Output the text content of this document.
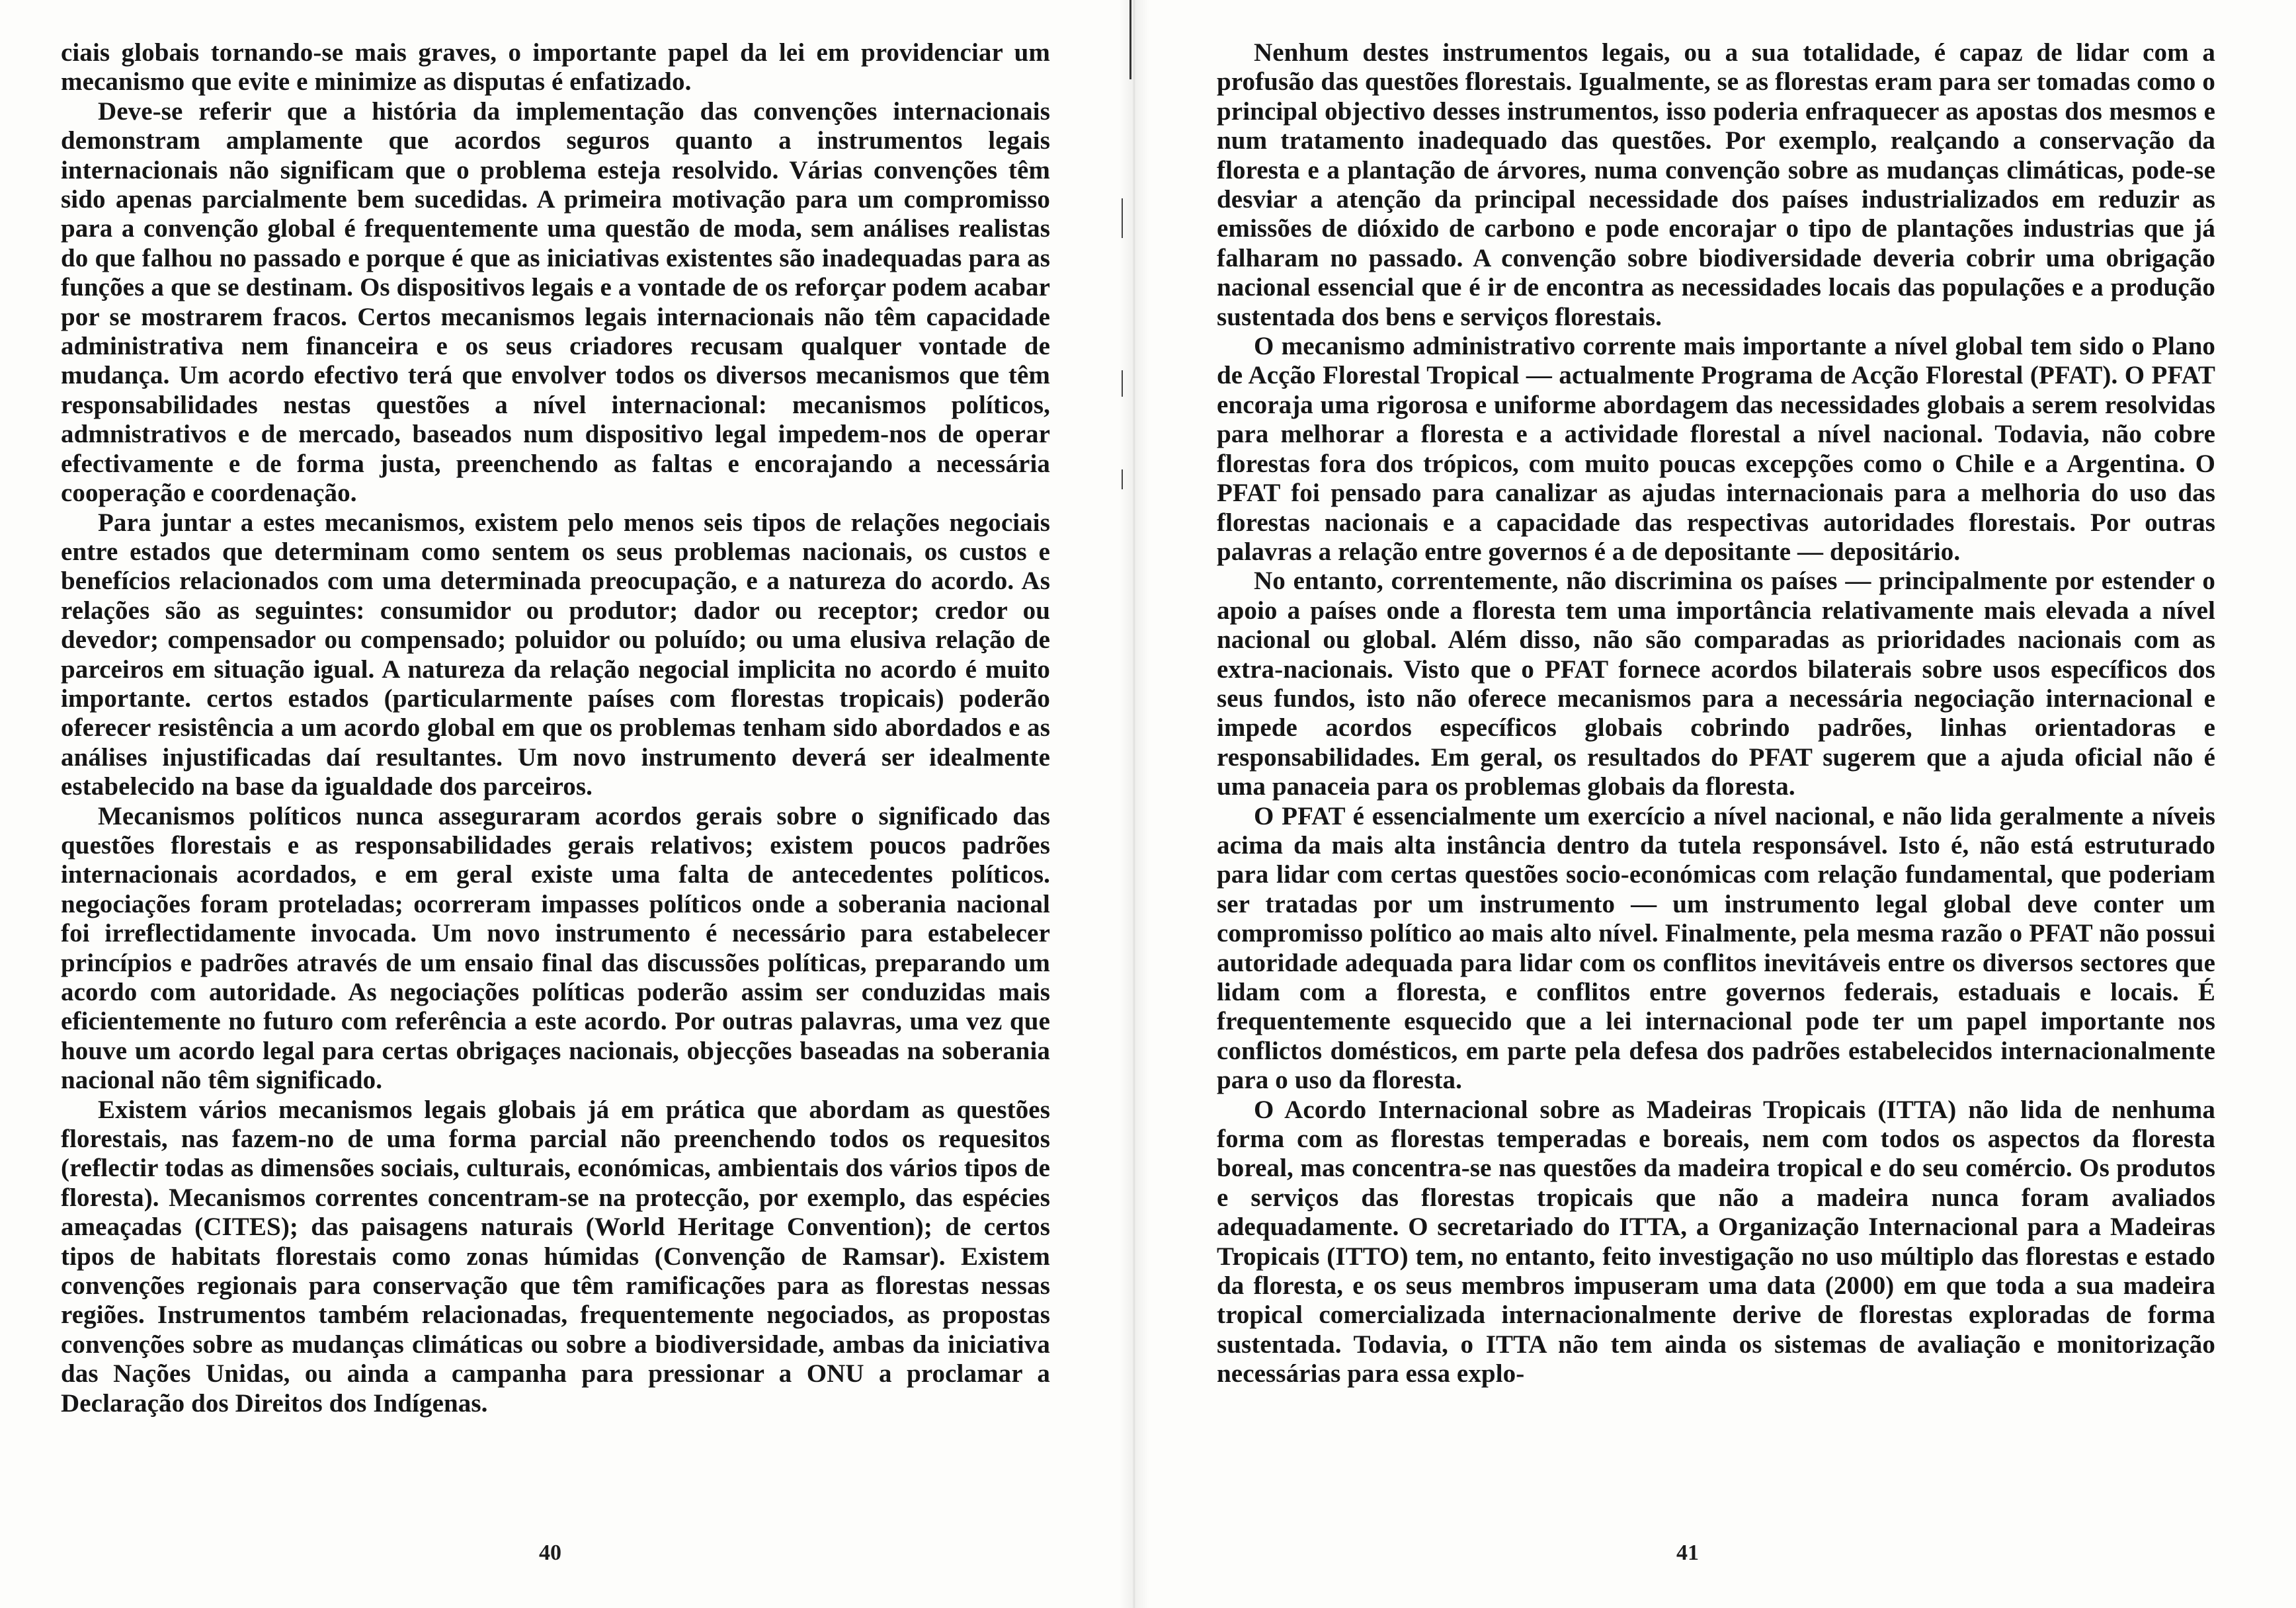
ciais globais tornando-se mais graves, o importante papel da lei em providenciar um mecanismo que evite e minimize as disputas é enfatizado.

Deve-se referir que a história da implementação das convenções internacionais demonstram amplamente que acordos seguros quanto a instrumentos legais internacionais não significam que o problema esteja resolvido. Várias convenções têm sido apenas parcialmente bem sucedidas. A primeira motivação para um compromisso para a convenção global é frequentemente uma questão de moda, sem análises realistas do que falhou no passado e porque é que as iniciativas existentes são inadequadas para as funções a que se destinam. Os dispositivos legais e a vontade de os reforçar podem acabar por se mostrarem fracos. Certos mecanismos legais internacionais não têm capacidade administrativa nem financeira e os seus criadores recusam qualquer vontade de mudança. Um acordo efectivo terá que envolver todos os diversos mecanismos que têm responsabilidades nestas questões a nível internacional: mecanismos políticos, admnistrativos e de mercado, baseados num dispositivo legal impedem-nos de operar efectivamente e de forma justa, preenchendo as faltas e encorajando a necessária cooperação e coordenação.

Para juntar a estes mecanismos, existem pelo menos seis tipos de relações negociais entre estados que determinam como sentem os seus problemas nacionais, os custos e benefícios relacionados com uma determinada preocupação, e a natureza do acordo. As relações são as seguintes: consumidor ou produtor; dador ou receptor; credor ou devedor; compensador ou compensado; poluidor ou poluído; ou uma elusiva relação de parceiros em situação igual. A natureza da relação negocial implicita no acordo é muito importante. certos estados (particularmente países com florestas tropicais) poderão oferecer resistência a um acordo global em que os problemas tenham sido abordados e as análises injustificadas daí resultantes. Um novo instrumento deverá ser idealmente estabelecido na base da igualdade dos parceiros.

Mecanismos políticos nunca asseguraram acordos gerais sobre o significado das questões florestais e as responsabilidades gerais relativos; existem poucos padrões internacionais acordados, e em geral existe uma falta de antecedentes políticos. negociações foram proteladas; ocorreram impasses políticos onde a soberania nacional foi irreflectidamente invocada. Um novo instrumento é necessário para estabelecer princípios e padrões através de um ensaio final das discussões políticas, preparando um acordo com autoridade. As negociações políticas poderão assim ser conduzidas mais eficientemente no futuro com referência a este acordo. Por outras palavras, uma vez que houve um acordo legal para certas obrigaçes nacionais, objecções baseadas na soberania nacional não têm significado.

Existem vários mecanismos legais globais já em prática que abordam as questões florestais, nas fazem-no de uma forma parcial não preenchendo todos os requesitos (reflectir todas as dimensões sociais, culturais, económicas, ambientais dos vários tipos de floresta). Mecanismos correntes concentram-se na protecção, por exemplo, das espécies ameaçadas (CITES); das paisagens naturais (World Heritage Convention); de certos tipos de habitats florestais como zonas húmidas (Convenção de Ramsar). Existem convenções regionais para conservação que têm ramificações para as florestas nessas regiões. Instrumentos também relacionadas, frequentemente negociados, as propostas convenções sobre as mudanças climáticas ou sobre a biodiversidade, ambas da iniciativa das Nações Unidas, ou ainda a campanha para pressionar a ONU a proclamar a Declaração dos Direitos dos Indígenas.

40

Nenhum destes instrumentos legais, ou a sua totalidade, é capaz de lidar com a profusão das questões florestais. Igualmente, se as florestas eram para ser tomadas como o principal objectivo desses instrumentos, isso poderia enfraquecer as apostas dos mesmos e num tratamento inadequado das questões. Por exemplo, realçando a conservação da floresta e a plantação de árvores, numa convenção sobre as mudanças climáticas, pode-se desviar a atenção da principal necessidade dos países industrializados em reduzir as emissões de dióxido de carbono e pode encorajar o tipo de plantações industrias que já falharam no passado. A convenção sobre biodiversidade deveria cobrir uma obrigação nacional essencial que é ir de encontra as necessidades locais das populações e a produção sustentada dos bens e serviços florestais.

O mecanismo administrativo corrente mais importante a nível global tem sido o Plano de Acção Florestal Tropical — actualmente Programa de Acção Florestal (PFAT). O PFAT encoraja uma rigorosa e uniforme abordagem das necessidades globais a serem resolvidas para melhorar a floresta e a actividade florestal a nível nacional. Todavia, não cobre florestas fora dos trópicos, com muito poucas excepções como o Chile e a Argentina. O PFAT foi pensado para canalizar as ajudas internacionais para a melhoria do uso das florestas nacionais e a capacidade das respectivas autoridades florestais. Por outras palavras a relação entre governos é a de depositante — depositário.

No entanto, correntemente, não discrimina os países — principalmente por estender o apoio a países onde a floresta tem uma importância relativamente mais elevada a nível nacional ou global. Além disso, não são comparadas as prioridades nacionais com as extra-nacionais. Visto que o PFAT fornece acordos bilaterais sobre usos específicos dos seus fundos, isto não oferece mecanismos para a necessária negociação internacional e impede acordos específicos globais cobrindo padrões, linhas orientadoras e responsabilidades. Em geral, os resultados do PFAT sugerem que a ajuda oficial não é uma panaceia para os problemas globais da floresta.

O PFAT é essencialmente um exercício a nível nacional, e não lida geralmente a níveis acima da mais alta instância dentro da tutela responsável. Isto é, não está estruturado para lidar com certas questões socio-económicas com relação fundamental, que poderiam ser tratadas por um instrumento — um instrumento legal global deve conter um compromisso político ao mais alto nível. Finalmente, pela mesma razão o PFAT não possui autoridade adequada para lidar com os conflitos inevitáveis entre os diversos sectores que lidam com a floresta, e conflitos entre governos federais, estaduais e locais. É frequentemente esquecido que a lei internacional pode ter um papel importante nos conflictos domésticos, em parte pela defesa dos padrões estabelecidos internacionalmente para o uso da floresta.

O Acordo Internacional sobre as Madeiras Tropicais (ITTA) não lida de nenhuma forma com as florestas temperadas e boreais, nem com todos os aspectos da floresta boreal, mas concentra-se nas questões da madeira tropical e do seu comércio. Os produtos e serviços das florestas tropicais que não a madeira nunca foram avaliados adequadamente. O secretariado do ITTA, a Organização Internacional para a Madeiras Tropicais (ITTO) tem, no entanto, feito investigação no uso múltiplo das florestas e estado da floresta, e os seus membros impuseram uma data (2000) em que toda a sua madeira tropical comercializada internacionalmente derive de florestas exploradas de forma sustentada. Todavia, o ITTA não tem ainda os sistemas de avaliação e monitorização necessárias para essa explo-

41
